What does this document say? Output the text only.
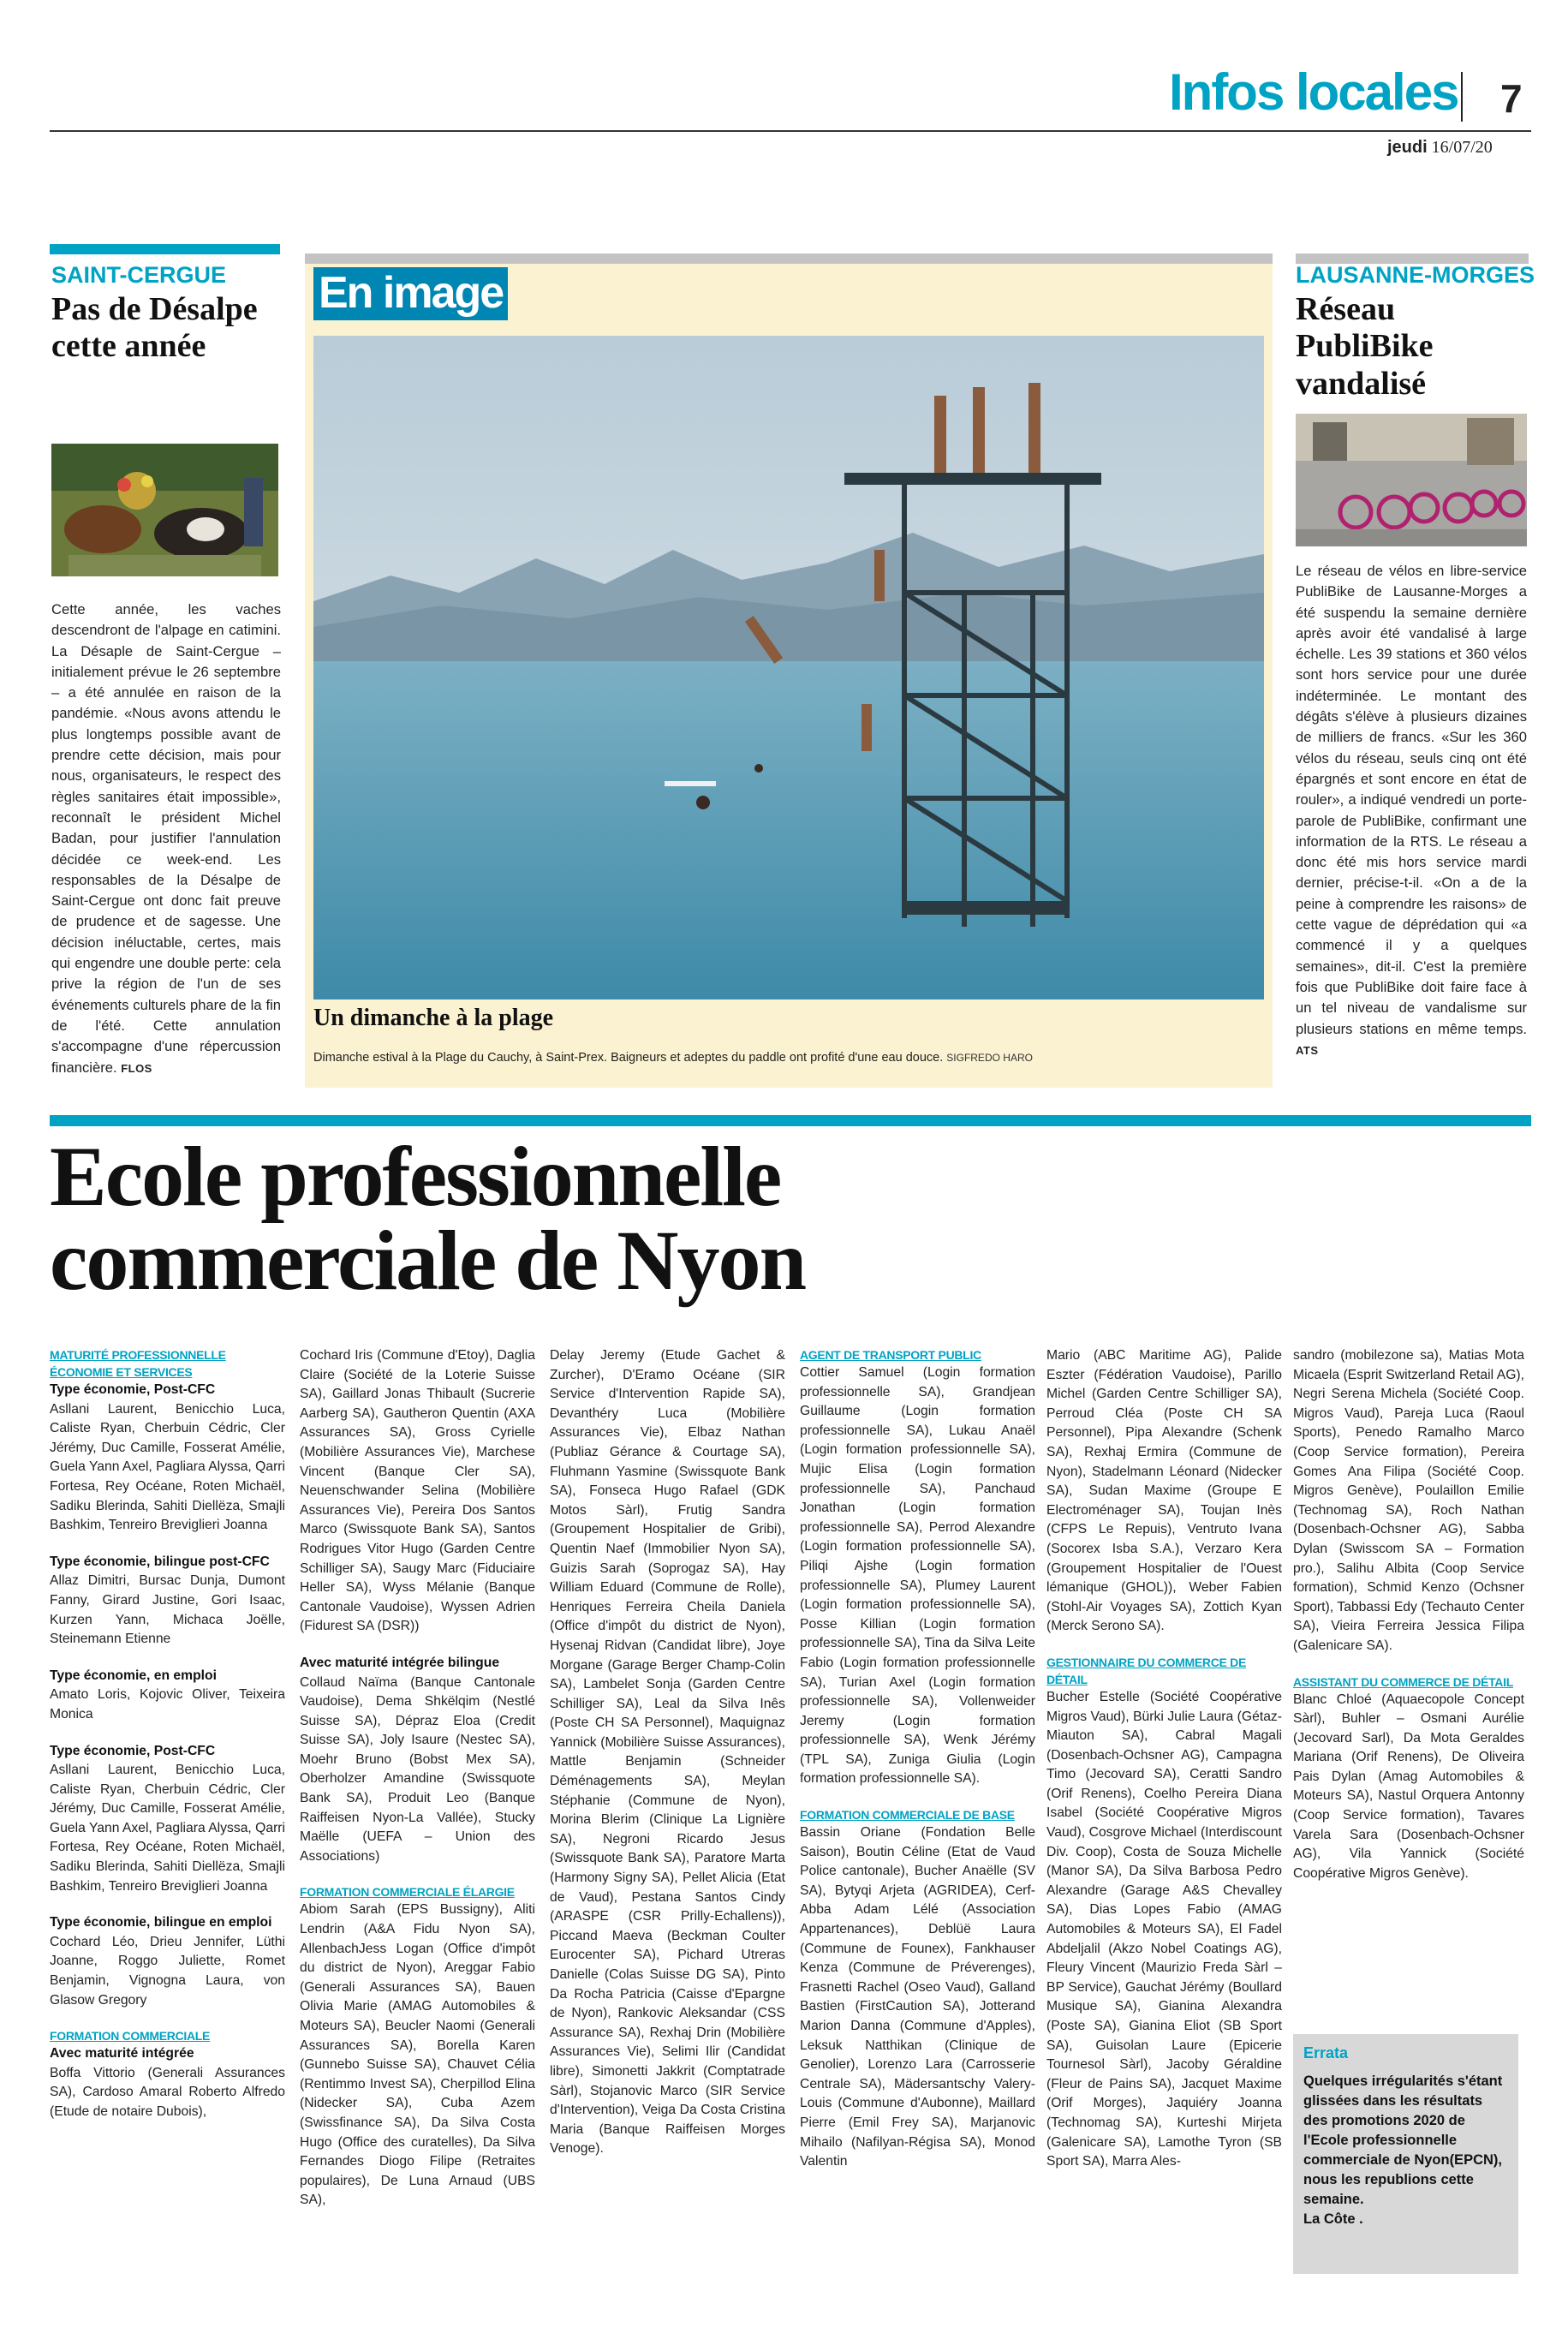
Infos locales 7
jeudi 16/07/20
SAINT-CERGUE
Pas de Désalpe cette année
Cette année, les vaches descendront de l'alpage en catimini. La Désaple de Saint-Cergue – initialement prévue le 26 septembre – a été annulée en raison de la pandémie. «Nous avons attendu le plus longtemps possible avant de prendre cette décision, mais pour nous, organisateurs, le respect des règles sanitaires était impossible», reconnaît le président Michel Badan, pour justifier l'annulation décidée ce week-end. Les responsables de la Désalpe de Saint-Cergue ont donc fait preuve de prudence et de sagesse. Une décision inéluctable, certes, mais qui engendre une double perte: cela prive la région de l'un de ses événements culturels phare de la fin de l'été. Cette annulation s'accompagne d'une répercussion financière. FLOS
En image
Un dimanche à la plage
Dimanche estival à la Plage du Cauchy, à Saint-Prex. Baigneurs et adeptes du paddle ont profité d'une eau douce. SIGFREDO HARO
LAUSANNE-MORGES
Réseau PubliBike vandalisé
Le réseau de vélos en libre-service PubliBike de Lausanne-Morges a été suspendu la semaine dernière après avoir été vandalisé à large échelle. Les 39 stations et 360 vélos sont hors service pour une durée indéterminée. Le montant des dégâts s'élève à plusieurs dizaines de milliers de francs. «Sur les 360 vélos du réseau, seuls cinq ont été épargnés et sont encore en état de rouler», a indiqué vendredi un porte-parole de PubliBike, confirmant une information de la RTS. Le réseau a donc été mis hors service mardi dernier, précise-t-il. «On a de la peine à comprendre les raisons» de cette vague de déprédation qui «a commencé il y a quelques semaines», dit-il. C'est la première fois que PubliBike doit faire face à un tel niveau de vandalisme sur plusieurs stations en même temps. ATS
Ecole professionnelle
commerciale de Nyon
MATURITÉ PROFESSIONNELLE ÉCONOMIE ET SERVICES
Type économie, Post-CFC
Asllani Laurent, Benicchio Luca, Caliste Ryan, Cherbuin Cédric, Cler Jérémy, Duc Camille, Fosserat Amélie, Guela Yann Axel, Pagliara Alyssa, Qarri Fortesa, Rey Océane, Roten Michaël, Sadiku Blerinda, Sahiti Diellëza, Smajli Bashkim, Tenreiro Breviglieri Joanna
Type économie, bilingue post-CFC
Allaz Dimitri, Bursac Dunja, Dumont Fanny, Girard Justine, Gori Isaac, Kurzen Yann, Michaca Joëlle, Steinemann Etienne
Type économie, en emploi
Amato Loris, Kojovic Oliver, Teixeira Monica
Type économie, Post-CFC
Asllani Laurent, Benicchio Luca, Caliste Ryan, Cherbuin Cédric, Cler Jérémy, Duc Camille, Fosserat Amélie, Guela Yann Axel, Pagliara Alyssa, Qarri Fortesa, Rey Océane, Roten Michaël, Sadiku Blerinda, Sahiti Diellëza, Smajli Bashkim, Tenreiro Breviglieri Joanna
Type économie, bilingue en emploi
Cochard Léo, Drieu Jennifer, Lüthi Joanne, Roggo Juliette, Romet Benjamin, Vignogna Laura, von Glasow Gregory
FORMATION COMMERCIALE
Avec maturité intégrée
Boffa Vittorio (Generali Assurances SA), Cardoso Amaral Roberto Alfredo (Etude de notaire Dubois),
Cochard Iris (Commune d'Etoy), Daglia Claire (Société de la Loterie Suisse SA), Gaillard Jonas Thibault (Sucrerie Aarberg SA), Gautheron Quentin (AXA Assurances SA), Gross Cyrielle (Mobilière Assurances Vie), Marchese Vincent (Banque Cler SA), Neuenschwander Selina (Mobilière Assurances Vie), Pereira Dos Santos Marco (Swissquote Bank SA), Santos Rodrigues Vitor Hugo (Garden Centre Schilliger SA), Saugy Marc (Fiduciaire Heller SA), Wyss Mélanie (Banque Cantonale Vaudoise), Wyssen Adrien (Fidurest SA (DSR))
Avec maturité intégrée bilingue
Collaud Naïma (Banque Cantonale Vaudoise), Dema Shkëlqim (Nestlé Suisse SA), Dépraz Eloa (Credit Suisse SA), Joly Isaure (Nestec SA), Moehr Bruno (Bobst Mex SA), Oberholzer Amandine (Swissquote Bank SA), Produit Leo (Banque Raiffeisen Nyon-La Vallée), Stucky Maëlle (UEFA – Union des Associations)
FORMATION COMMERCIALE ÉLARGIE
Abiom Sarah (EPS Bussigny), Aliti Lendrin (A&A Fidu Nyon SA), AllenbachJess Logan (Office d'impôt du district de Nyon), Areggar Fabio (Generali Assurances SA), Bauen Olivia Marie (AMAG Automobiles & Moteurs SA), Beucler Naomi (Generali Assurances SA), Borella Karen (Gunnebo Suisse SA), Chauvet Célia (Rentimmo Invest SA), Cherpillod Elina (Nidecker SA), Cuba Azem (Swissfinance SA), Da Silva Costa Hugo (Office des curatelles), Da Silva Fernandes Diogo Filipe (Retraites populaires), De Luna Arnaud (UBS SA),
Delay Jeremy (Etude Gachet & Zurcher), D'Eramo Océane (SIR Service d'Intervention Rapide SA), Devanthéry Luca (Mobilière Assurances Vie), Elbaz Nathan (Publiaz Gérance & Courtage SA), Fluhmann Yasmine (Swissquote Bank SA), Fonseca Hugo Rafael (GDK Motos Sàrl), Frutig Sandra (Groupement Hospitalier de Gribi), Quentin Naef (Immobilier Nyon SA), Guizis Sarah (Soprogaz SA), Hay William Eduard (Commune de Rolle), Henriques Ferreira Cheila Daniela (Office d'impôt du district de Nyon), Hysenaj Ridvan (Candidat libre), Joye Morgane (Garage Berger Champ-Colin SA), Lambelet Sonja (Garden Centre Schilliger SA), Leal da Silva Inês (Poste CH SA Personnel), Maquignaz Yannick (Mobilière Suisse Assurances), Mattle Benjamin (Schneider Déménagements SA), Meylan Stéphanie (Commune de Nyon), Morina Blerim (Clinique La Lignière SA), Negroni Ricardo Jesus (Swissquote Bank SA), Paratore Marta (Harmony Signy SA), Pellet Alicia (Etat de Vaud), Pestana Santos Cindy (ARASPE (CSR Prilly-Echallens)), Piccand Maeva (Beckman Coulter Eurocenter SA), Pichard Utreras Danielle (Colas Suisse DG SA), Pinto Da Rocha Patricia (Caisse d'Epargne de Nyon), Rankovic Aleksandar (CSS Assurance SA), Rexhaj Drin (Mobilière Assurances Vie), Selimi Ilir (Candidat libre), Simonetti Jakkrit (Comptatrade Sàrl), Stojanovic Marco (SIR Service d'Intervention), Veiga Da Costa Cristina Maria (Banque Raiffeisen Morges Venoge).
AGENT DE TRANSPORT PUBLIC
Cottier Samuel (Login formation professionnelle SA), Grandjean Guillaume (Login formation professionnelle SA), Lukau Anaël (Login formation professionnelle SA), Mujic Elisa (Login formation professionnelle SA), Panchaud Jonathan (Login formation professionnelle SA), Perrod Alexandre (Login formation professionnelle SA), Piliqi Ajshe (Login formation professionnelle SA), Plumey Laurent (Login formation professionnelle SA), Posse Killian (Login formation professionnelle SA), Tina da Silva Leite Fabio (Login formation professionnelle SA), Turian Axel (Login formation professionnelle SA), Vollenweider Jeremy (Login formation professionnelle SA), Wenk Jérémy (TPL SA), Zuniga Giulia (Login formation professionnelle SA).
FORMATION COMMERCIALE DE BASE
Bassin Oriane (Fondation Belle Saison), Boutin Céline (Etat de Vaud Police cantonale), Bucher Anaëlle (SV SA), Bytyqi Arjeta (AGRIDEA), Cerf-Abba Adam Lélé (Association Appartenances), Deblüë Laura (Commune de Founex), Fankhauser Kenza (Commune de Préverenges), Frasnetti Rachel (Oseo Vaud), Galland Bastien (FirstCaution SA), Jotterand Marion Danna (Commune d'Apples), Leksuk Natthikan (Clinique de Genolier), Lorenzo Lara (Carrosserie Centrale SA), Mädersantschy Valery-Louis (Commune d'Aubonne), Maillard Pierre (Emil Frey SA), Marjanovic Mihailo (Nafilyan-Régisa SA), Monod Valentin
Mario (ABC Maritime AG), Palide Eszter (Fédération Vaudoise), Parillo Michel (Garden Centre Schilliger SA), Perroud Cléa (Poste CH SA Personnel), Pipa Alexandre (Schenk SA), Rexhaj Ermira (Commune de Nyon), Stadelmann Léonard (Nidecker SA), Sudan Maxime (Groupe E Electroménager SA), Toujan Inès (CFPS Le Repuis), Ventruto Ivana (Socorex Isba S.A.), Verzaro Kera (Groupement Hospitalier de l'Ouest lémanique (GHOL)), Weber Fabien (Stohl-Air Voyages SA), Zottich Kyan (Merck Serono SA).
GESTIONNAIRE DU COMMERCE DE DÉTAIL
Bucher Estelle (Société Coopérative Migros Vaud), Bürki Julie Laura (Gétaz-Miauton SA), Cabral Magali (Dosenbach-Ochsner AG), Campagna Timo (Jecovard SA), Ceratti Sandro (Orif Renens), Coelho Pereira Diana Isabel (Société Coopérative Migros Vaud), Cosgrove Michael (Interdiscount Div. Coop), Costa de Souza Michelle (Manor SA), Da Silva Barbosa Pedro Alexandre (Garage A&S Chevalley SA), Dias Lopes Fabio (AMAG Automobiles & Moteurs SA), El Fadel Abdeljalil (Akzo Nobel Coatings AG), Fleury Vincent (Maurizio Freda Sàrl – BP Service), Gauchat Jérémy (Boullard Musique SA), Gianina Alexandra (Poste SA), Gianina Eliot (SB Sport SA), Guisolan Laure (Epicerie Tournesol Sàrl), Jacoby Géraldine (Fleur de Pains SA), Jacquet Maxime (Orif Morges), Jaquiéry Joanna (Technomag SA), Kurteshi Mirjeta (Galenicare SA), Lamothe Tyron (SB Sport SA), Marra Ales-
sandro (mobilezone sa), Matias Mota Micaela (Esprit Switzerland Retail AG), Negri Serena Michela (Société Coop. Migros Vaud), Pareja Luca (Raoul Sports), Penedo Ramalho Marco (Coop Service formation), Pereira Gomes Ana Filipa (Société Coop. Migros Genève), Poulaillon Emilie (Technomag SA), Roch Nathan (Dosenbach-Ochsner AG), Sabba Dylan (Swisscom SA – Formation pro.), Salihu Albita (Coop Service formation), Schmid Kenzo (Ochsner Sport), Tabbassi Edy (Techauto Center SA), Vieira Ferreira Jessica Filipa (Galenicare SA).
ASSISTANT DU COMMERCE DE DÉTAIL
Blanc Chloé (Aquaecopole Concept Sàrl), Buhler – Osmani Aurélie (Jecovard Sarl), Da Mota Geraldes Mariana (Orif Renens), De Oliveira Pais Dylan (Amag Automobiles & Moteurs SA), Nastul Orquera Antonny (Coop Service formation), Tavares Varela Sara (Dosenbach-Ochsner AG), Vila Yannick (Société Coopérative Migros Genève).
Errata
Quelques irrégularités s'étant glissées dans les résultats des promotions 2020 de l'Ecole professionnelle commerciale de Nyon(EPCN), nous les republions cette semaine.
La Côte .
